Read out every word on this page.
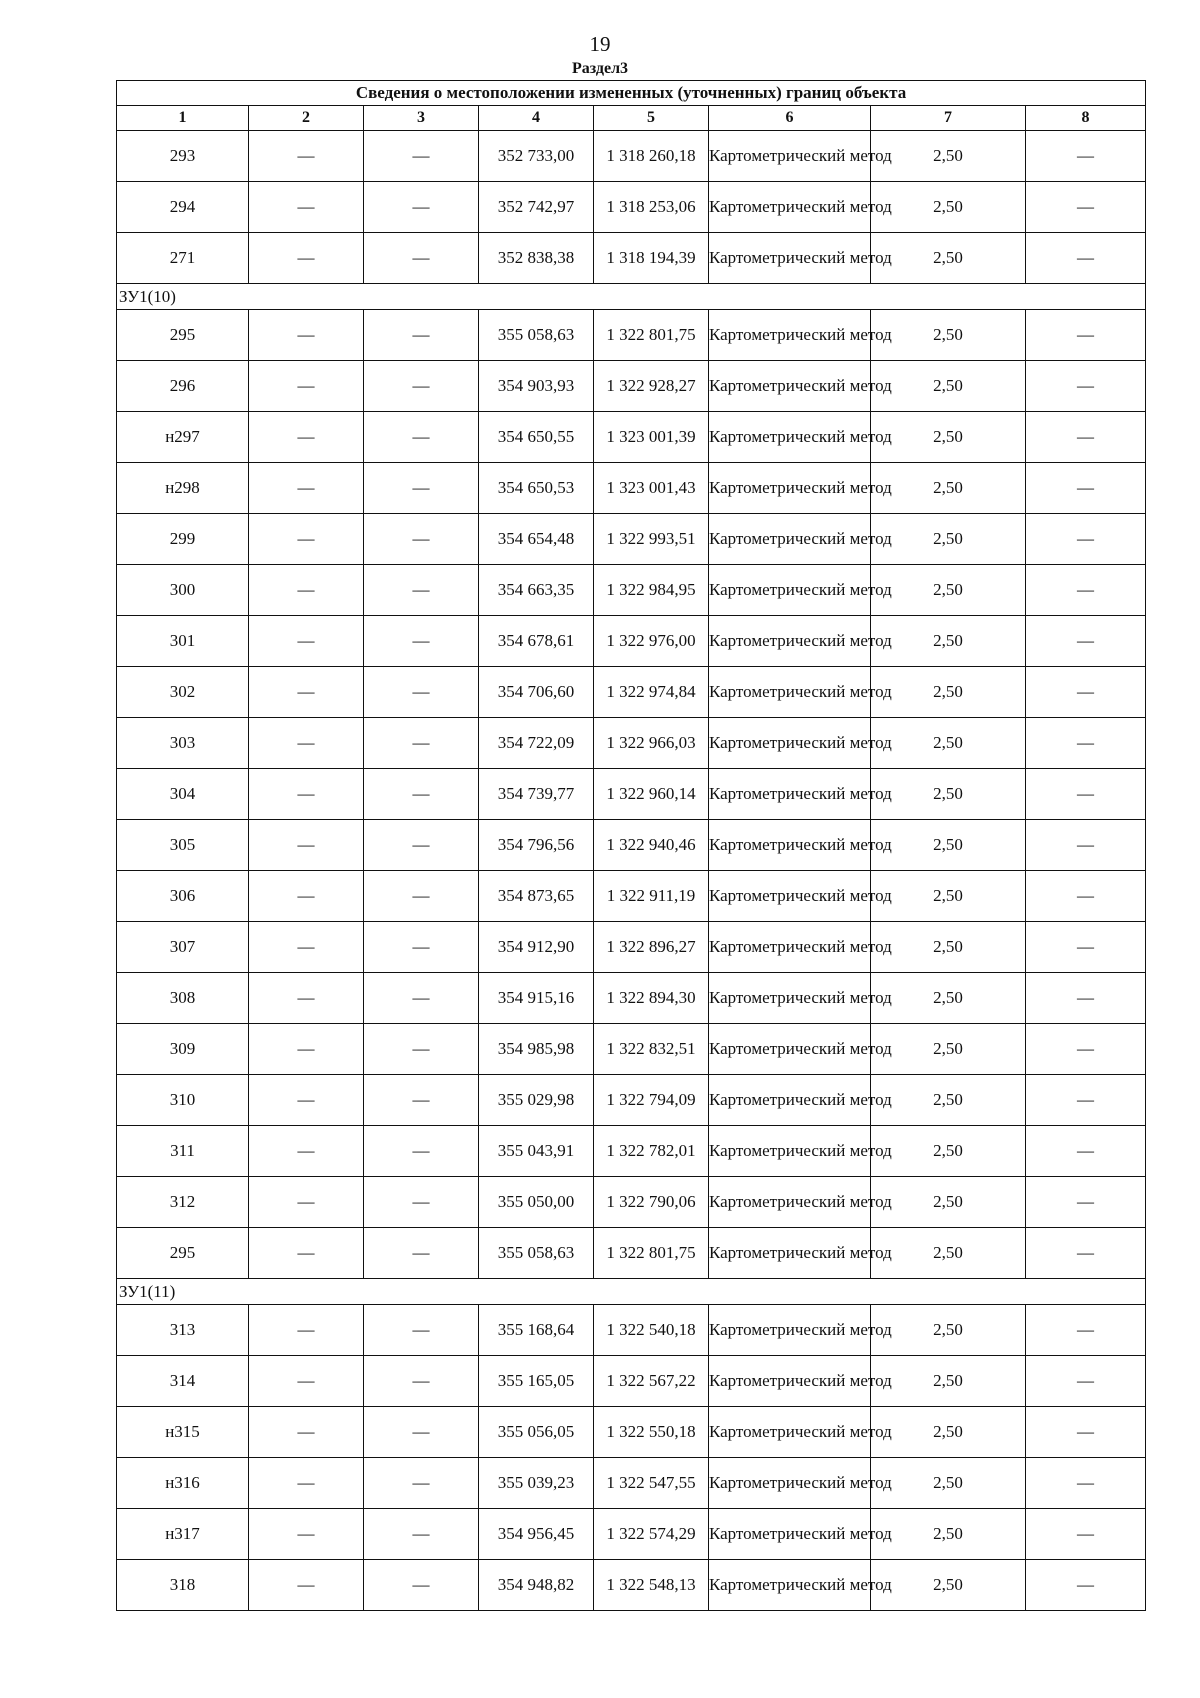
19
Раздел3
Сведения о местоположении измененных (уточненных) границ объекта							
1	2	3	4	5	6	7	8
293	—	—	352 733,00	1 318 260,18	Картометрический метод	2,50	—
294	—	—	352 742,97	1 318 253,06	Картометрический метод	2,50	—
271	—	—	352 838,38	1 318 194,39	Картометрический метод	2,50	—
ЗУ1(10)							
295	—	—	355 058,63	1 322 801,75	Картометрический метод	2,50	—
296	—	—	354 903,93	1 322 928,27	Картометрический метод	2,50	—
н297	—	—	354 650,55	1 323 001,39	Картометрический метод	2,50	—
н298	—	—	354 650,53	1 323 001,43	Картометрический метод	2,50	—
299	—	—	354 654,48	1 322 993,51	Картометрический метод	2,50	—
300	—	—	354 663,35	1 322 984,95	Картометрический метод	2,50	—
301	—	—	354 678,61	1 322 976,00	Картометрический метод	2,50	—
302	—	—	354 706,60	1 322 974,84	Картометрический метод	2,50	—
303	—	—	354 722,09	1 322 966,03	Картометрический метод	2,50	—
304	—	—	354 739,77	1 322 960,14	Картометрический метод	2,50	—
305	—	—	354 796,56	1 322 940,46	Картометрический метод	2,50	—
306	—	—	354 873,65	1 322 911,19	Картометрический метод	2,50	—
307	—	—	354 912,90	1 322 896,27	Картометрический метод	2,50	—
308	—	—	354 915,16	1 322 894,30	Картометрический метод	2,50	—
309	—	—	354 985,98	1 322 832,51	Картометрический метод	2,50	—
310	—	—	355 029,98	1 322 794,09	Картометрический метод	2,50	—
311	—	—	355 043,91	1 322 782,01	Картометрический метод	2,50	—
312	—	—	355 050,00	1 322 790,06	Картометрический метод	2,50	—
295	—	—	355 058,63	1 322 801,75	Картометрический метод	2,50	—
ЗУ1(11)							
313	—	—	355 168,64	1 322 540,18	Картометрический метод	2,50	—
314	—	—	355 165,05	1 322 567,22	Картометрический метод	2,50	—
н315	—	—	355 056,05	1 322 550,18	Картометрический метод	2,50	—
н316	—	—	355 039,23	1 322 547,55	Картометрический метод	2,50	—
н317	—	—	354 956,45	1 322 574,29	Картометрический метод	2,50	—
318	—	—	354 948,82	1 322 548,13	Картометрический метод	2,50	—
